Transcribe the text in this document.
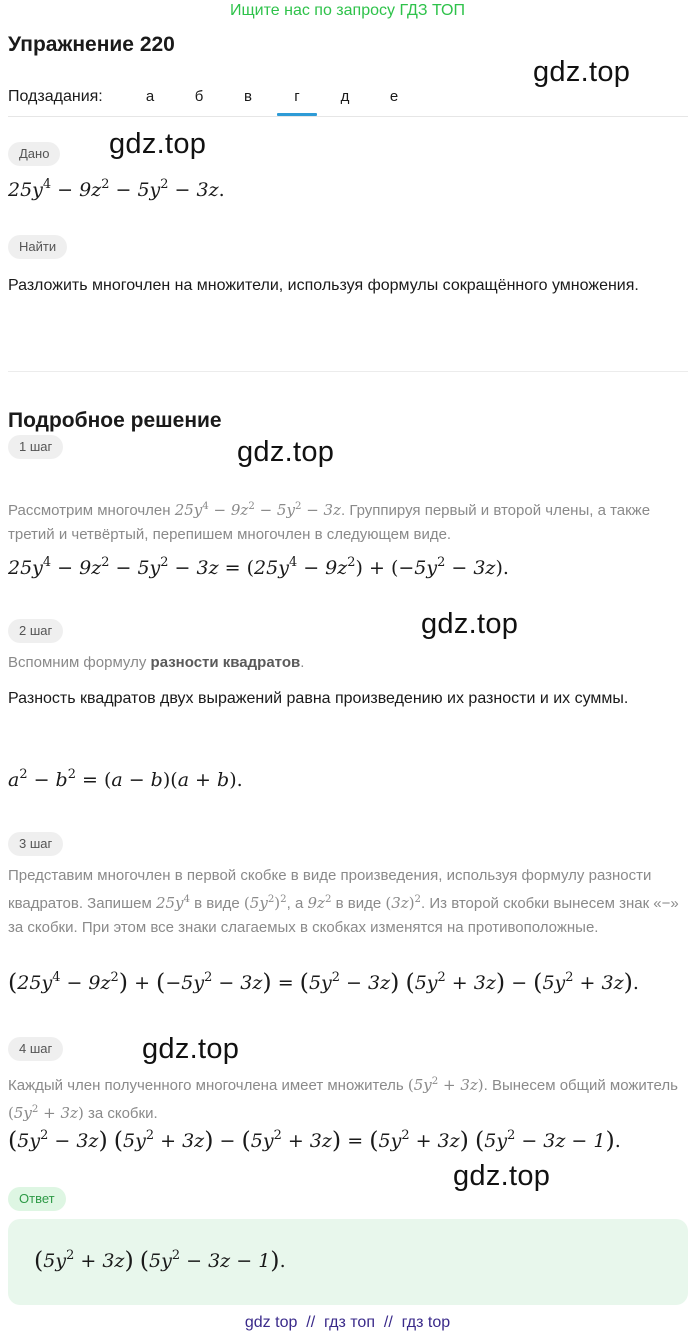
Ищите нас по запросу ГДЗ ТОП
Упражнение 220
Подзадания:	а	б	в	г	д	е
gdz.top
gdz.top
gdz.top
gdz.top
gdz.top
gdz.top
Дано
$25y^4 - 9z^2 - 5y^2 - 3z$.
Найти
Разложить многочлен на множители, используя формулы сокращённого умножения.
Подробное решение
1 шаг
Рассмотрим многочлен $25y^4 - 9z^2 - 5y^2 - 3z$. Группируя первый и второй члены, а также третий и четвёртый, перепишем многочлен в следующем виде.
$25y^4 - 9z^2 - 5y^2 - 3z = (25y^4 - 9z^2) + (-5y^2 - 3z)$.
2 шаг
Вспомним формулу разности квадратов.
Разность квадратов двух выражений равна произведению их разности и их суммы.
$a^2 - b^2 = (a - b)(a + b)$.
3 шаг
Представим многочлен в первой скобке в виде произведения, используя формулу разности квадратов. Запишем $25y^4$ в виде $(5y^2)^2$, а $9z^2$ в виде $(3z)^2$. Из второй скобки вынесем знак «−» за скобки. При этом все знаки слагаемых в скобках изменятся на противоположные.
$(25y^4 - 9z^2) + (-5y^2 - 3z) = (5y^2 - 3z) (5y^2 + 3z) - (5y^2 + 3z)$.
4 шаг
Каждый член полученного многочлена имеет множитель $(5y^2 + 3z)$. Вынесем общий можитель $(5y^2 + 3z)$ за скобки.
$(5y^2 - 3z) (5y^2 + 3z) - (5y^2 + 3z) = (5y^2 + 3z) (5y^2 - 3z - 1)$.
Ответ
$(5y^2 + 3z) (5y^2 - 3z - 1)$.
gdz top  //  гдз топ  //  гдз top
